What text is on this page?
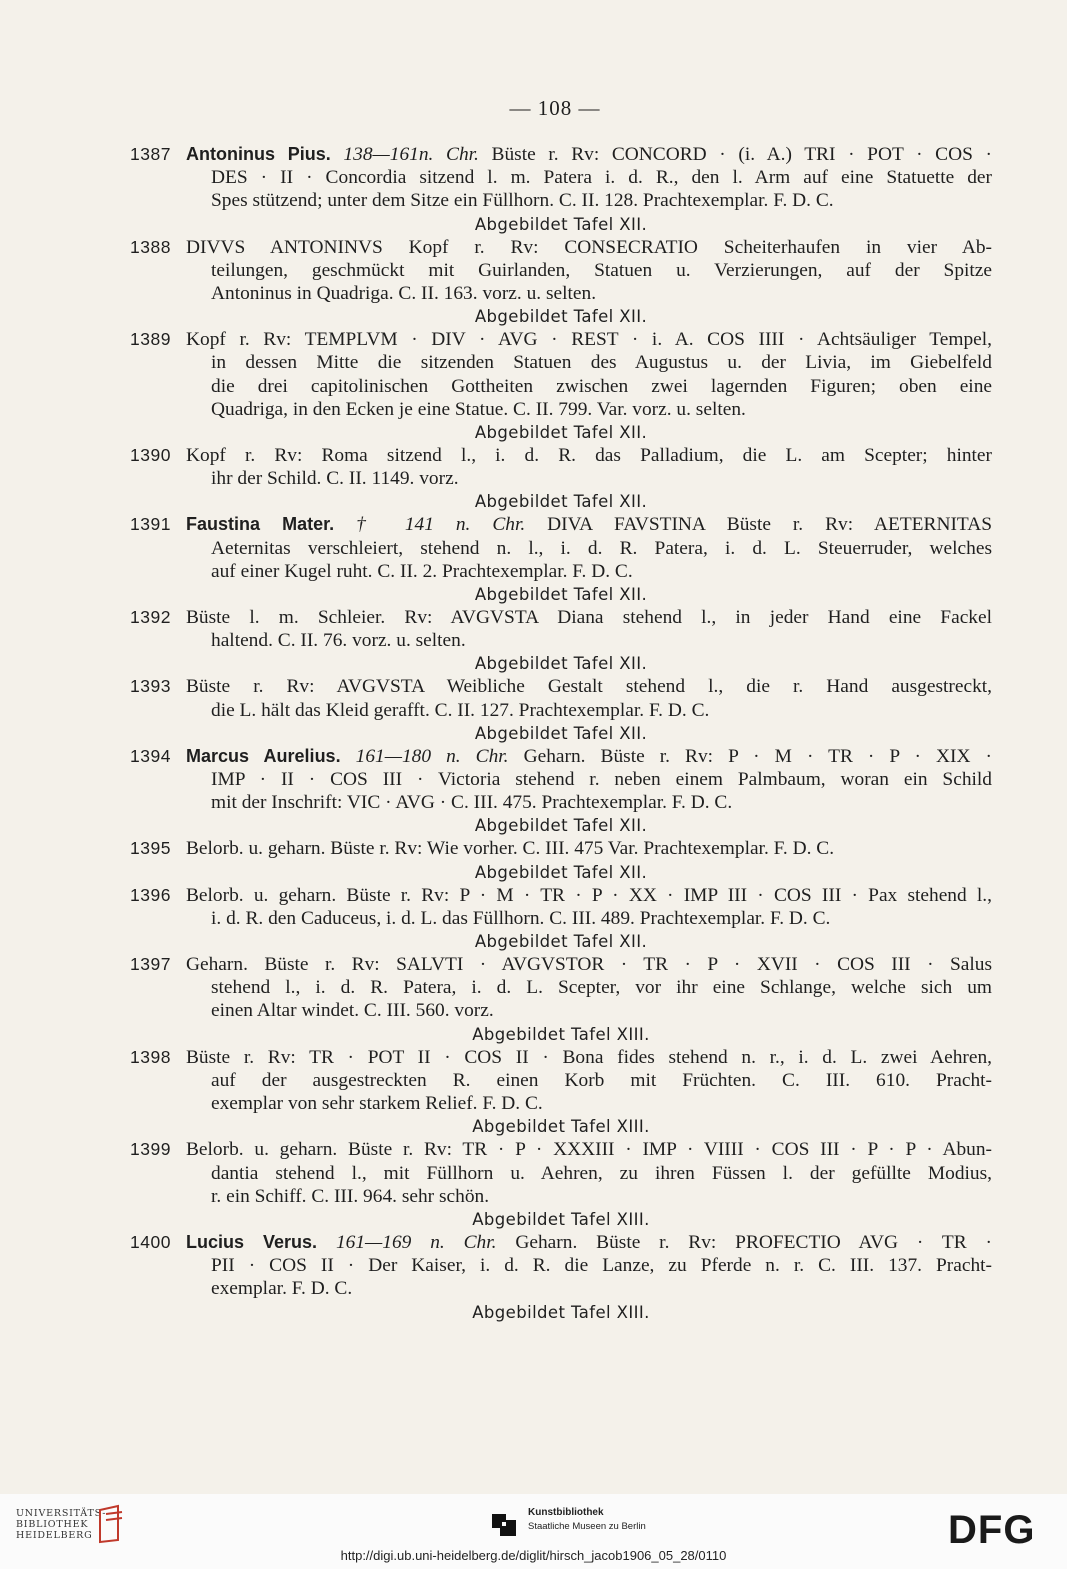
— 108 —
1387 Antoninus Pius. 138—161n. Chr. Büste r. Rv: CONCORD · (i. A.) TRI · POT · COS ·
DES · II · Concordia sitzend l. m. Patera i. d. R., den l. Arm auf eine Statuette der
Spes stützend; unter dem Sitze ein Füllhorn. C. II. 128. Prachtexemplar. F. D. C.
Abgebildet Tafel XII.
1388 DIVVS ANTONINVS Kopf r. Rv: CONSECRATIO Scheiterhaufen in vier Ab-
teilungen, geschmückt mit Guirlanden, Statuen u. Verzierungen, auf der Spitze
Antoninus in Quadriga. C. II. 163. vorz. u. selten.
Abgebildet Tafel XII.
1389 Kopf r. Rv: TEMPLVM · DIV · AVG · REST · i. A. COS IIII · Achtsäuliger Tempel,
in dessen Mitte die sitzenden Statuen des Augustus u. der Livia, im Giebelfeld
die drei capitolinischen Gottheiten zwischen zwei lagernden Figuren; oben eine
Quadriga, in den Ecken je eine Statue. C. II. 799. Var. vorz. u. selten.
Abgebildet Tafel XII.
1390 Kopf r. Rv: Roma sitzend l., i. d. R. das Palladium, die L. am Scepter; hinter
ihr der Schild. C. II. 1149. vorz.
Abgebildet Tafel XII.
1391 Faustina Mater. † 141 n. Chr. DIVA FAVSTINA Büste r. Rv: AETERNITAS
Aeternitas verschleiert, stehend n. l., i. d. R. Patera, i. d. L. Steuerruder, welches
auf einer Kugel ruht. C. II. 2. Prachtexemplar. F. D. C.
Abgebildet Tafel XII.
1392 Büste l. m. Schleier. Rv: AVGVSTA Diana stehend l., in jeder Hand eine Fackel
haltend. C. II. 76. vorz. u. selten.
Abgebildet Tafel XII.
1393 Büste r. Rv: AVGVSTA Weibliche Gestalt stehend l., die r. Hand ausgestreckt,
die L. hält das Kleid gerafft. C. II. 127. Prachtexemplar. F. D. C.
Abgebildet Tafel XII.
1394 Marcus Aurelius. 161—180 n. Chr. Geharn. Büste r. Rv: P · M · TR · P · XIX ·
IMP · II · COS III · Victoria stehend r. neben einem Palmbaum, woran ein Schild
mit der Inschrift: VIC · AVG · C. III. 475. Prachtexemplar. F. D. C.
Abgebildet Tafel XII.
1395 Belorb. u. geharn. Büste r. Rv: Wie vorher. C. III. 475 Var. Prachtexemplar. F. D. C.
Abgebildet Tafel XII.
1396 Belorb. u. geharn. Büste r. Rv: P · M · TR · P · XX · IMP III · COS III · Pax stehend l.,
i. d. R. den Caduceus, i. d. L. das Füllhorn. C. III. 489. Prachtexemplar. F. D. C.
Abgebildet Tafel XII.
1397 Geharn. Büste r. Rv: SALVTI · AVGVSTOR · TR · P · XVII · COS III · Salus
stehend l., i. d. R. Patera, i. d. L. Scepter, vor ihr eine Schlange, welche sich um
einen Altar windet. C. III. 560. vorz.
Abgebildet Tafel XIII.
1398 Büste r. Rv: TR · POT II · COS II · Bona fides stehend n. r., i. d. L. zwei Aehren,
auf der ausgestreckten R. einen Korb mit Früchten. C. III. 610. Pracht-
exemplar von sehr starkem Relief. F. D. C.
Abgebildet Tafel XIII.
1399 Belorb. u. geharn. Büste r. Rv: TR · P · XXXIII · IMP · VIIII · COS III · P · P · Abun-
dantia stehend l., mit Füllhorn u. Aehren, zu ihren Füssen l. der gefüllte Modius,
r. ein Schiff. C. III. 964. sehr schön.
Abgebildet Tafel XIII.
1400 Lucius Verus. 161—169 n. Chr. Geharn. Büste r. Rv: PROFECTIO AVG · TR ·
PII · COS II · Der Kaiser, i. d. R. die Lanze, zu Pferde n. r. C. III. 137. Pracht-
exemplar. F. D. C.
Abgebildet Tafel XIII.
UNIVERSITÄTS-
BIBLIOTHEK
HEIDELBERG
Kunstbibliothek
Staatliche Museen zu Berlin	DFG
http://digi.ub.uni-heidelberg.de/diglit/hirsch_jacob1906_05_28/0110
